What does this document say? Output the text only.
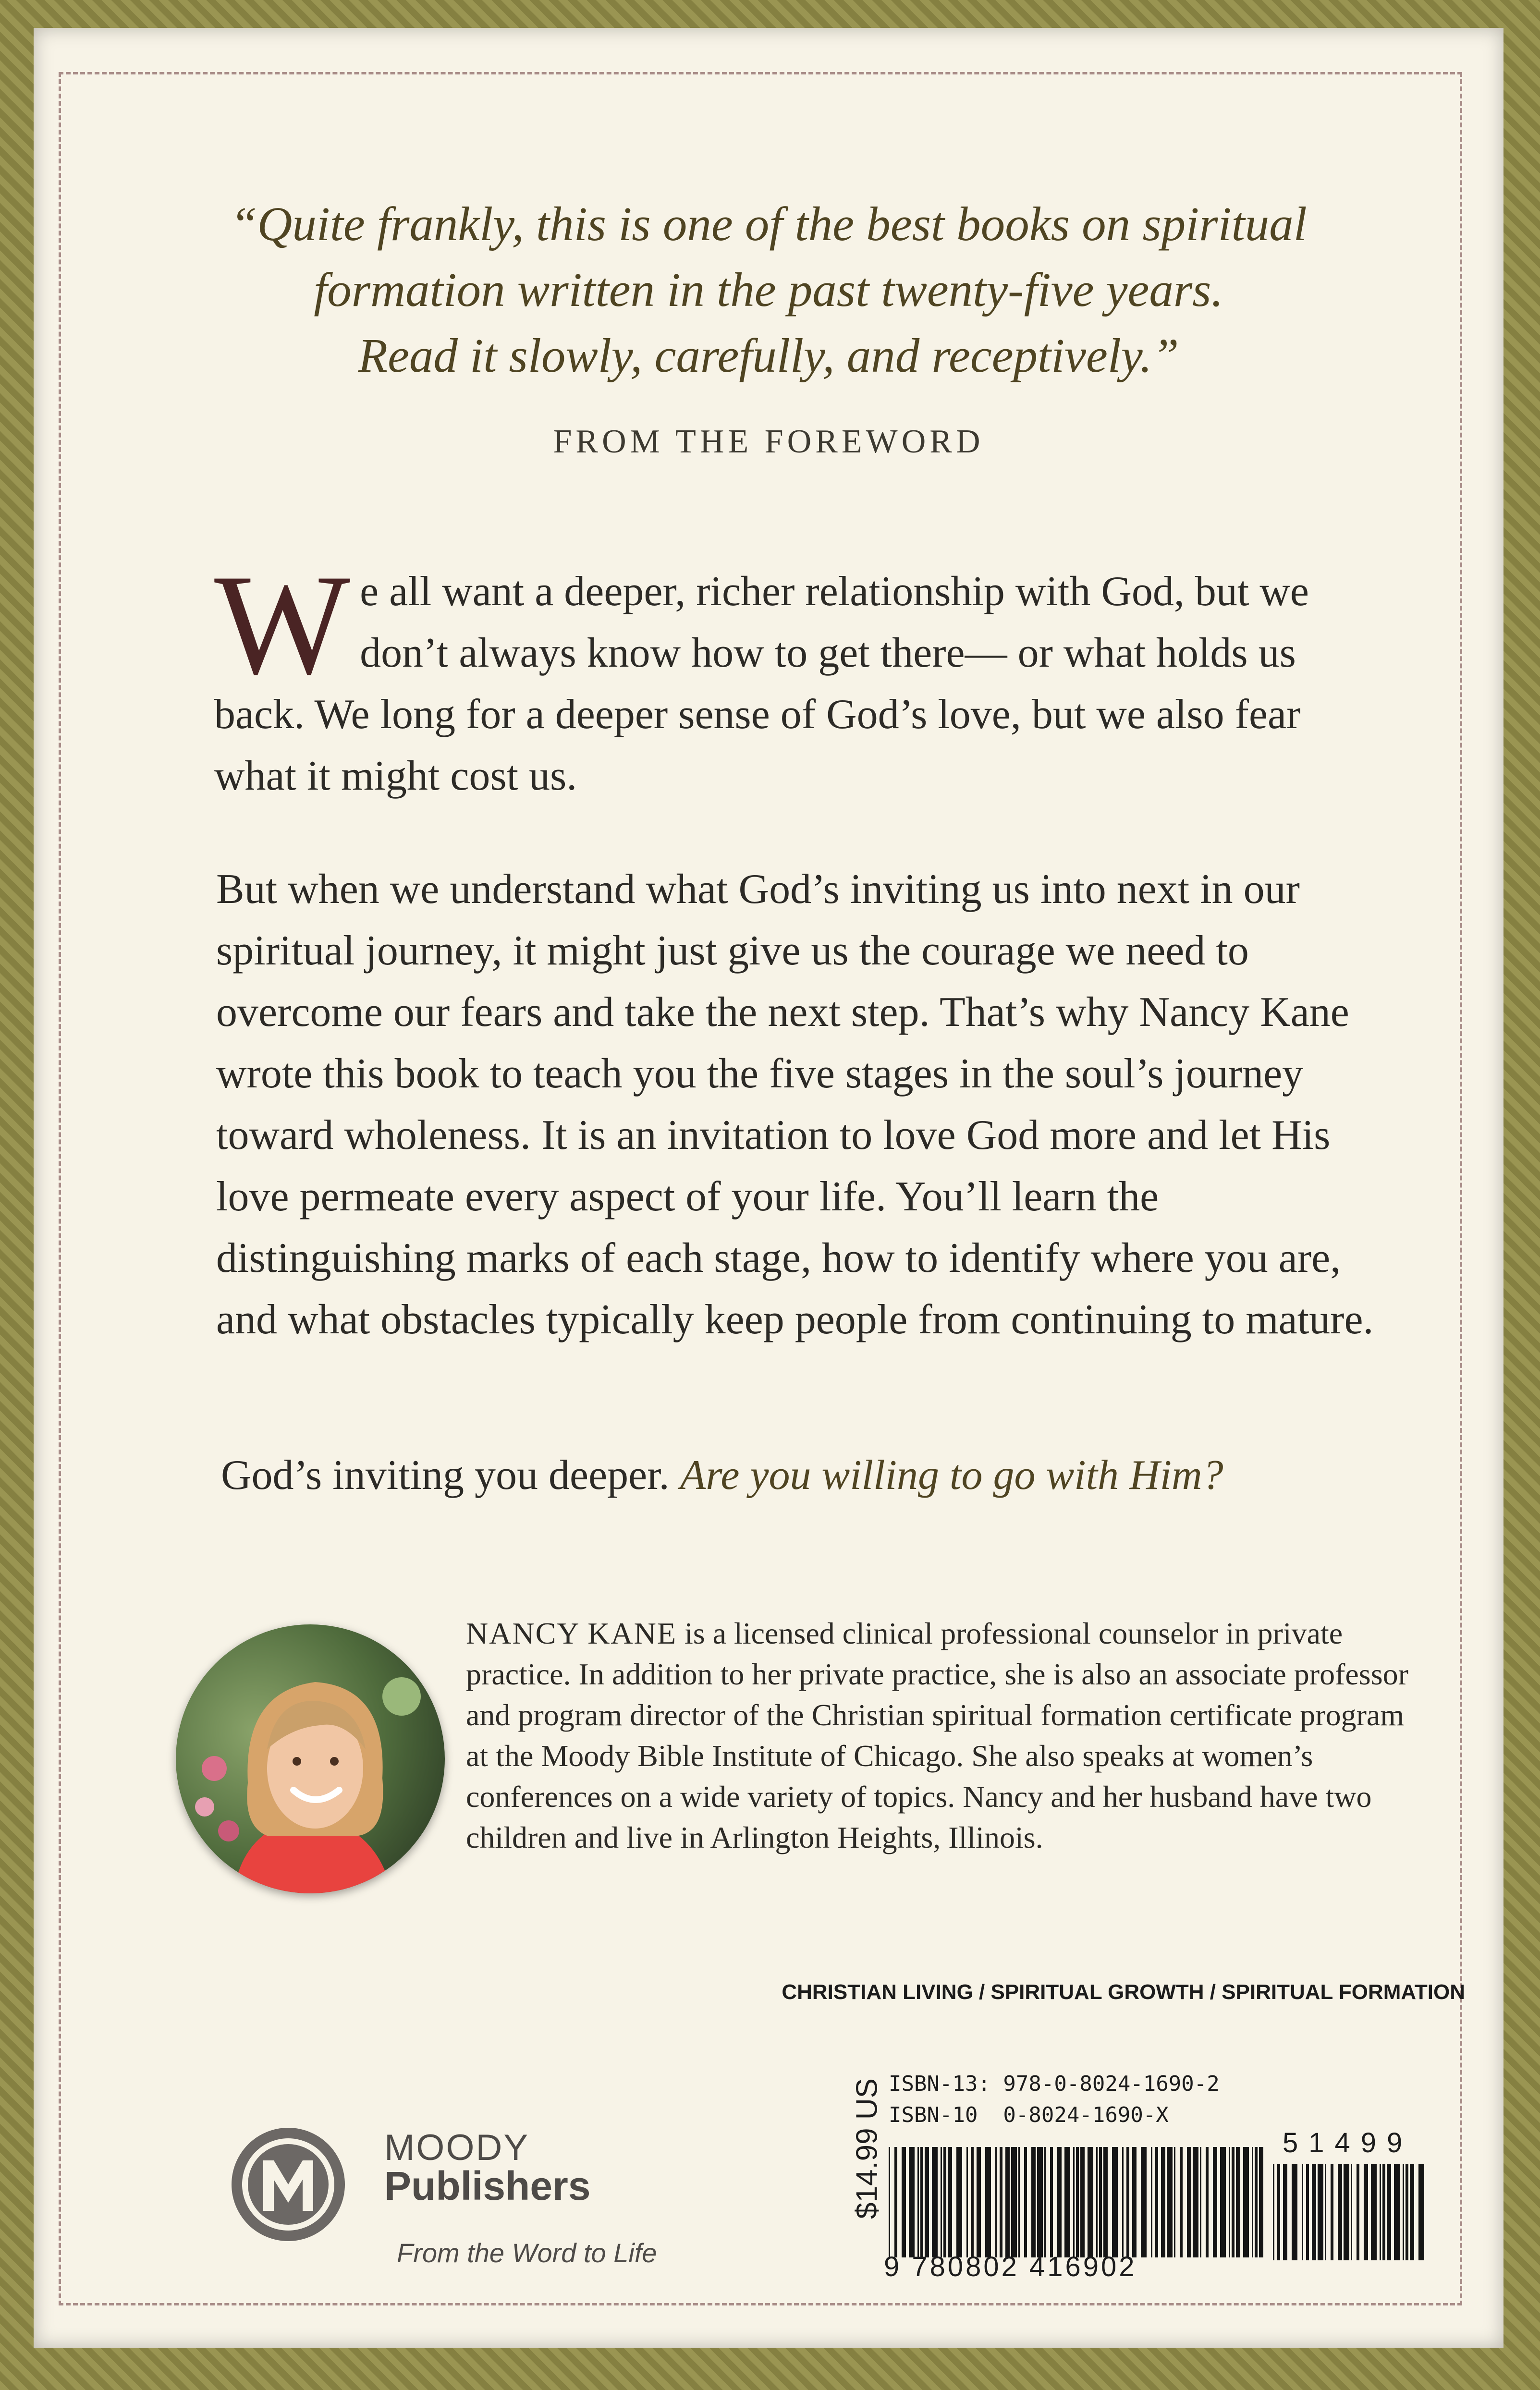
“Quite frankly, this is one of the best books on spiritual
formation written in the past twenty-five years.
Read it slowly, carefully, and receptively.”
FROM THE FOREWORD
We all want a deeper, richer relationship with God, but we don’t always know how to get there— or what holds us back. We long for a deeper sense of God’s love, but we also fear what it might cost us.
But when we understand what God’s inviting us into next in our spiritual journey, it might just give us the courage we need to overcome our fears and take the next step. That’s why Nancy Kane wrote this book to teach you the five stages in the soul’s journey toward wholeness. It is an invitation to love God more and let His love permeate every aspect of your life. You’ll learn the distinguishing marks of each stage, how to identify where you are, and what obstacles typically keep people from continuing to mature.
God’s inviting you deeper. Are you willing to go with Him?
NANCY KANE is a licensed clinical professional counselor in private practice. In addition to her private practice, she is also an associate professor and program director of the Christian spiritual formation certificate program at the Moody Bible Institute of Chicago. She also speaks at women’s conferences on a wide variety of topics. Nancy and her husband have two children and live in Arlington Heights, Illinois.
CHRISTIAN LIVING / SPIRITUAL GROWTH / SPIRITUAL FORMATION
MOODY
Publishers
From the Word to Life
$14.99 US ISBN-13: 978-0-8024-1690-2
ISBN-10  0-8024-1690-X
9 780802 416902
51499
